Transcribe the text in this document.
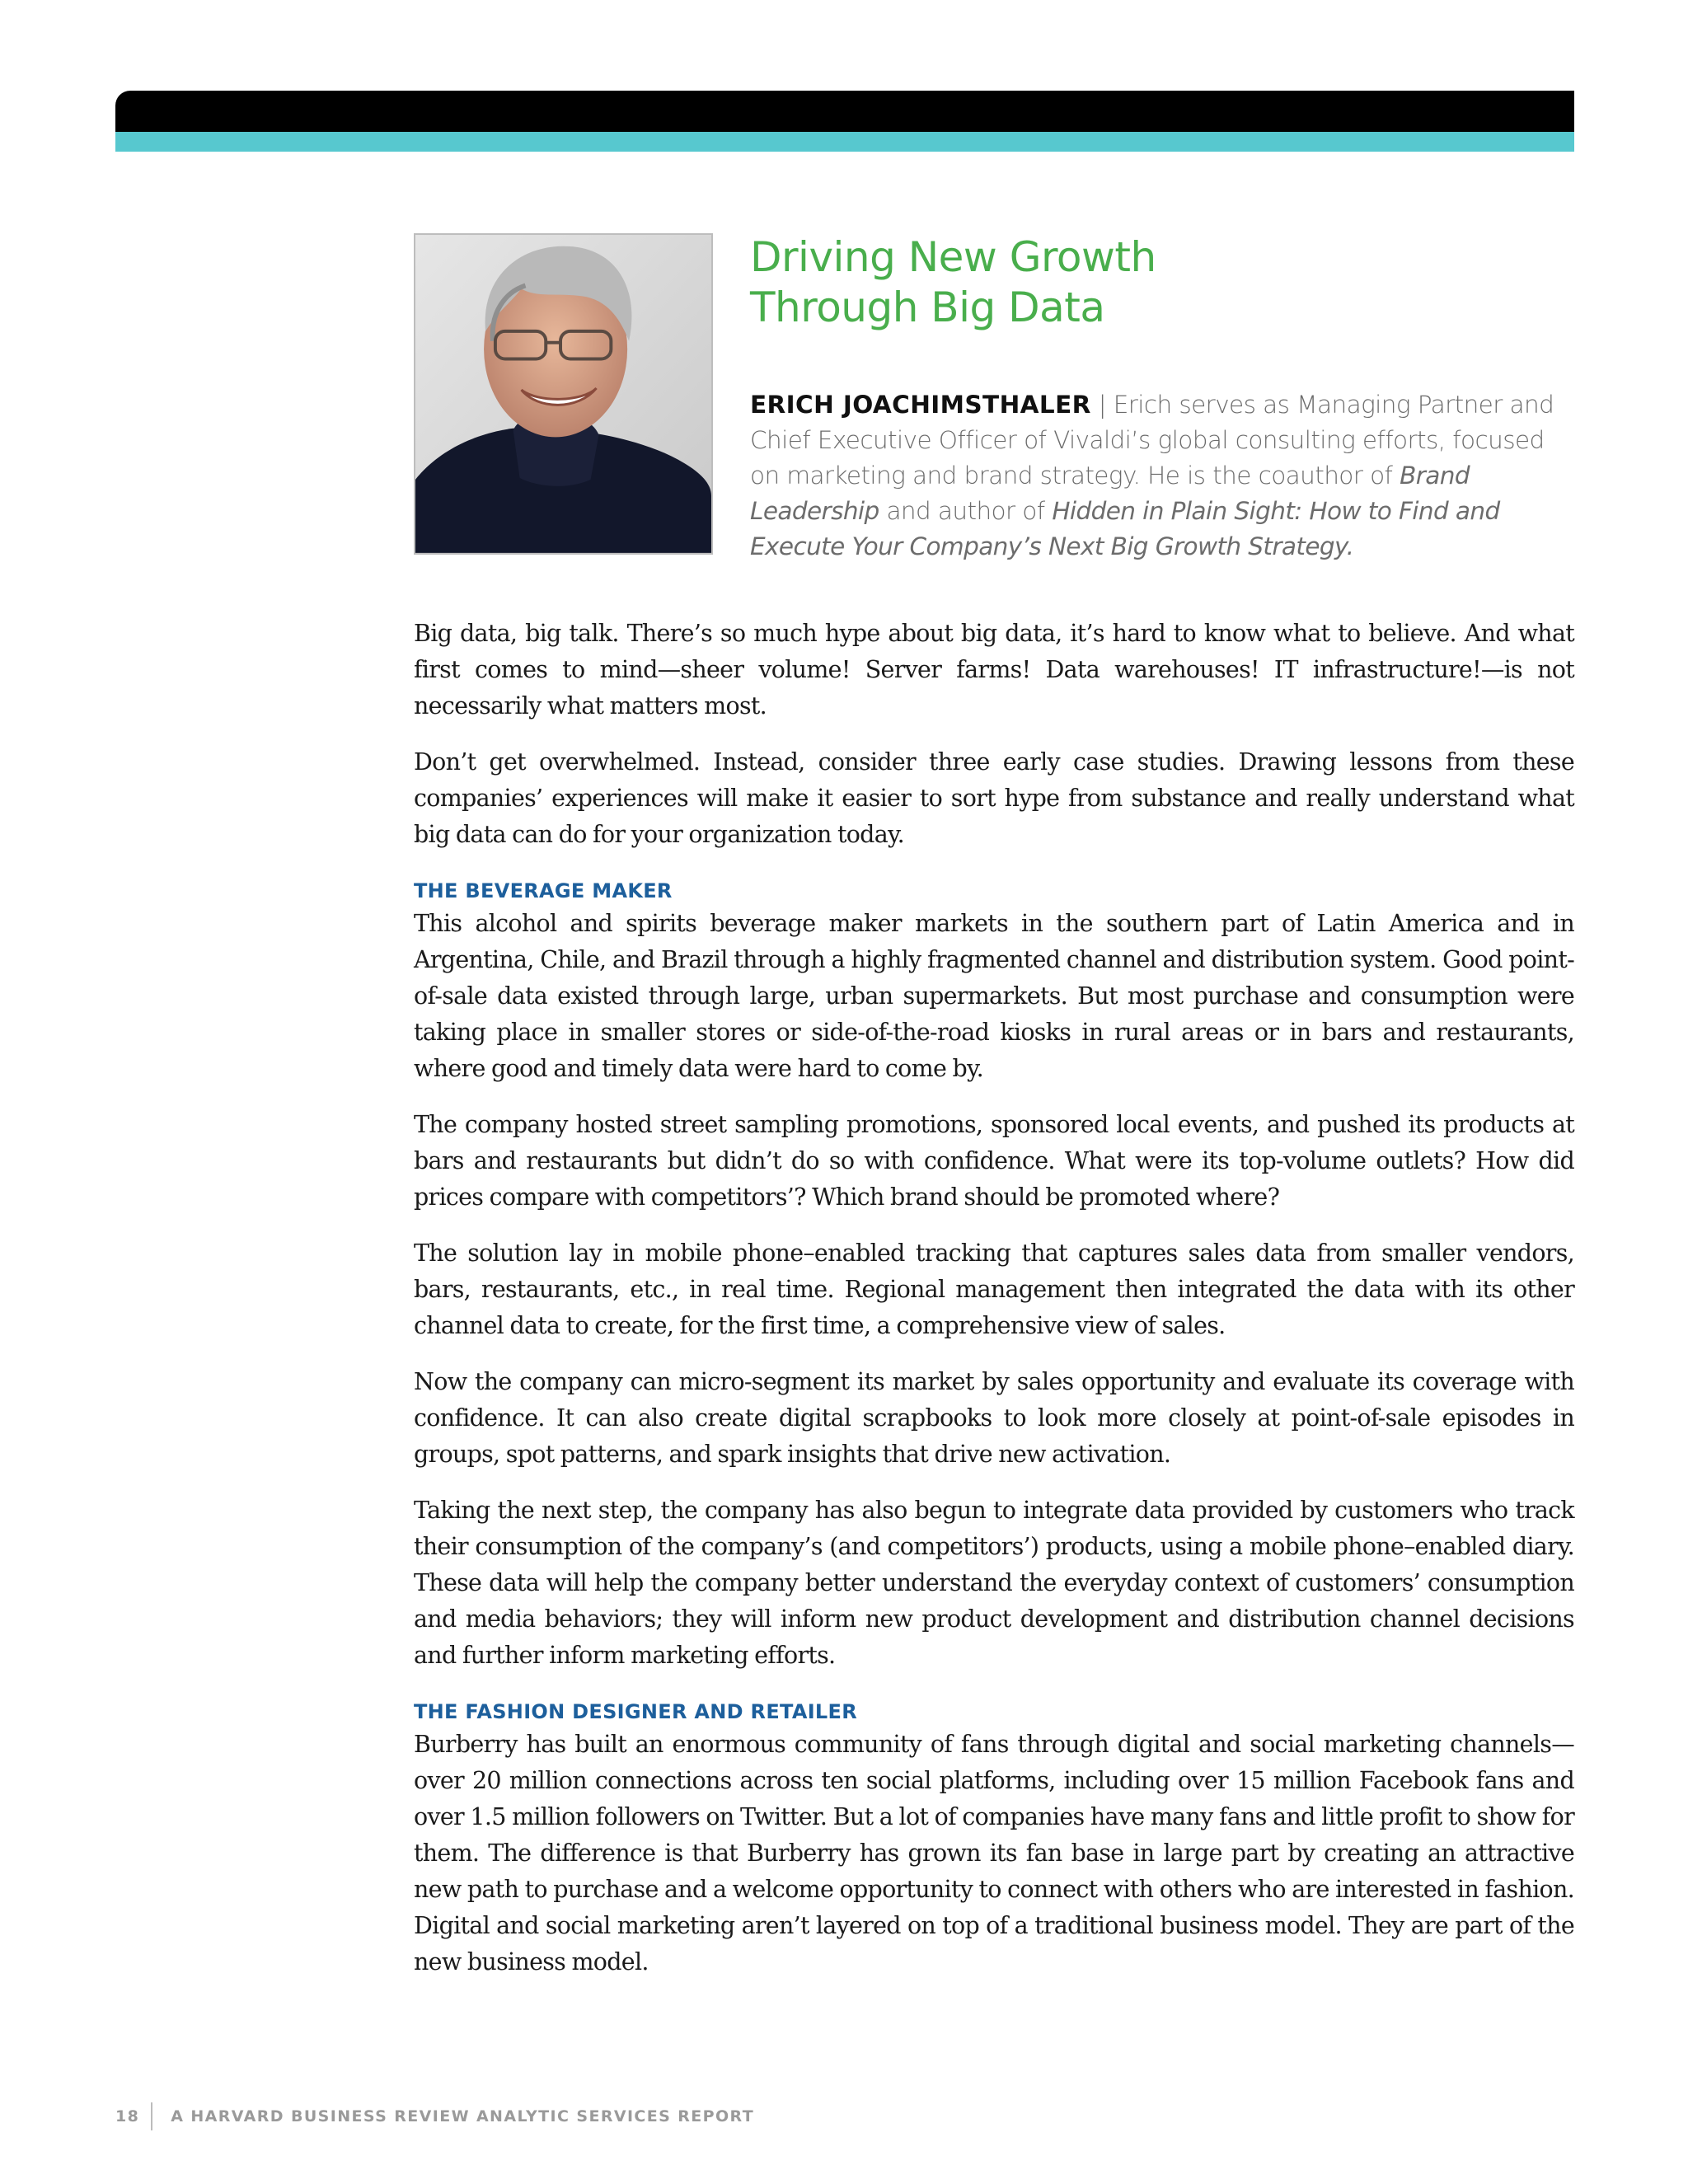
Driving New Growth
Through Big Data

ERICH JOACHIMSTHALER | Erich serves as Managing Partner and Chief Executive Officer of Vivaldi’s global consulting efforts, focused on marketing and brand strategy. He is the coauthor of Brand Leadership and author of Hidden in Plain Sight: How to Find and Execute Your Company’s Next Big Growth Strategy.

Big data, big talk. There’s so much hype about big data, it’s hard to know what to believe. And what first comes to mind—sheer volume! Server farms! Data warehouses! IT infrastructure!—is not necessarily what matters most.

Don’t get overwhelmed. Instead, consider three early case studies. Drawing lessons from these companies’ experiences will make it easier to sort hype from substance and really understand what big data can do for your organization today.

THE BEVERAGE MAKER

This alcohol and spirits beverage maker markets in the southern part of Latin America and in Argentina, Chile, and Brazil through a highly fragmented channel and distribution system. Good point-of-sale data existed through large, urban supermarkets. But most purchase and consumption were taking place in smaller stores or side-of-the-road kiosks in rural areas or in bars and restaurants, where good and timely data were hard to come by.

The company hosted street sampling promotions, sponsored local events, and pushed its products at bars and restaurants but didn’t do so with confidence. What were its top-volume outlets? How did prices compare with competitors’? Which brand should be promoted where?

The solution lay in mobile phone–enabled tracking that captures sales data from smaller vendors, bars, restaurants, etc., in real time. Regional management then integrated the data with its other channel data to create, for the first time, a comprehensive view of sales.

Now the company can micro-segment its market by sales opportunity and evaluate its coverage with confidence. It can also create digital scrapbooks to look more closely at point-of-sale episodes in groups, spot patterns, and spark insights that drive new activation.

Taking the next step, the company has also begun to integrate data provided by customers who track their consumption of the company’s (and competitors’) products, using a mobile phone–enabled diary. These data will help the company better understand the everyday context of customers’ consumption and media behaviors; they will inform new product development and distribution channel decisions and further inform marketing efforts.

THE FASHION DESIGNER AND RETAILER

Burberry has built an enormous community of fans through digital and social marketing channels—over 20 million connections across ten social platforms, including over 15 million Facebook fans and over 1.5 million followers on Twitter. But a lot of companies have many fans and little profit to show for them. The difference is that Burberry has grown its fan base in large part by creating an attractive new path to purchase and a welcome opportunity to connect with others who are interested in fashion. Digital and social marketing aren’t layered on top of a traditional business model. They are part of the new business model.

18 A HARVARD BUSINESS REVIEW ANALYTIC SERVICES REPORT
